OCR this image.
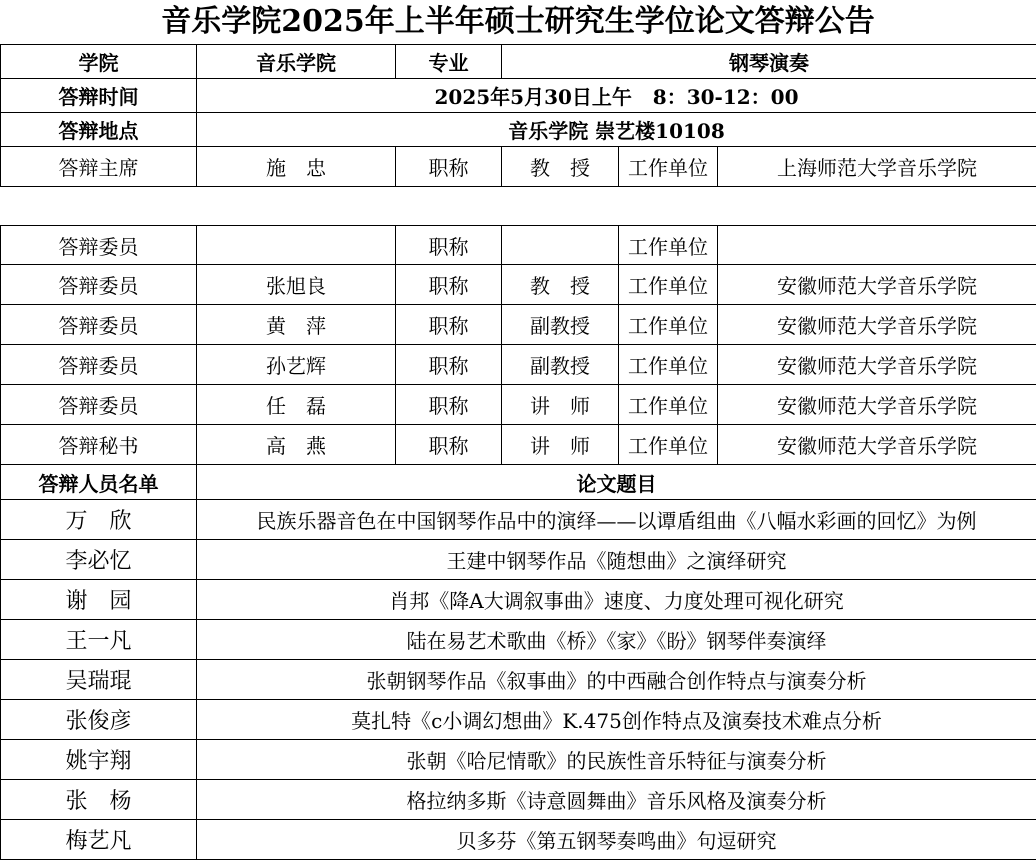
音乐学院2025年上半年硕士研究生学位论文答辩公告
学院	音乐学院	专业	钢琴演奏		
答辩时间	2025年5月30日上午   8：30-12：00				
答辩地点	音乐学院 崇艺楼10108				
答辩主席	施　忠	职称	教　授	工作单位	上海师范大学音乐学院

答辩委员		职称		工作单位	
答辩委员	张旭良	职称	教　授	工作单位	安徽师范大学音乐学院
答辩委员	黄　萍	职称	副教授	工作单位	安徽师范大学音乐学院
答辩委员	孙艺辉	职称	副教授	工作单位	安徽师范大学音乐学院
答辩委员	任　磊	职称	讲　师	工作单位	安徽师范大学音乐学院
答辩秘书	高　燕	职称	讲　师	工作单位	安徽师范大学音乐学院
答辩人员名单	论文题目				
万　欣	民族乐器音色在中国钢琴作品中的演绎——以谭盾组曲《八幅水彩画的回忆》为例				
李必忆	王建中钢琴作品《随想曲》之演绎研究				
谢　园	肖邦《降A大调叙事曲》速度、力度处理可视化研究				
王一凡	陆在易艺术歌曲《桥》《家》《盼》钢琴伴奏演绎				
吴瑞琨	张朝钢琴作品《叙事曲》的中西融合创作特点与演奏分析				
张俊彦	莫扎特《c小调幻想曲》K.475创作特点及演奏技术难点分析				
姚宇翔	张朝《哈尼情歌》的民族性音乐特征与演奏分析				
张　杨	格拉纳多斯《诗意圆舞曲》音乐风格及演奏分析				
梅艺凡	贝多芬《第五钢琴奏鸣曲》句逗研究				
